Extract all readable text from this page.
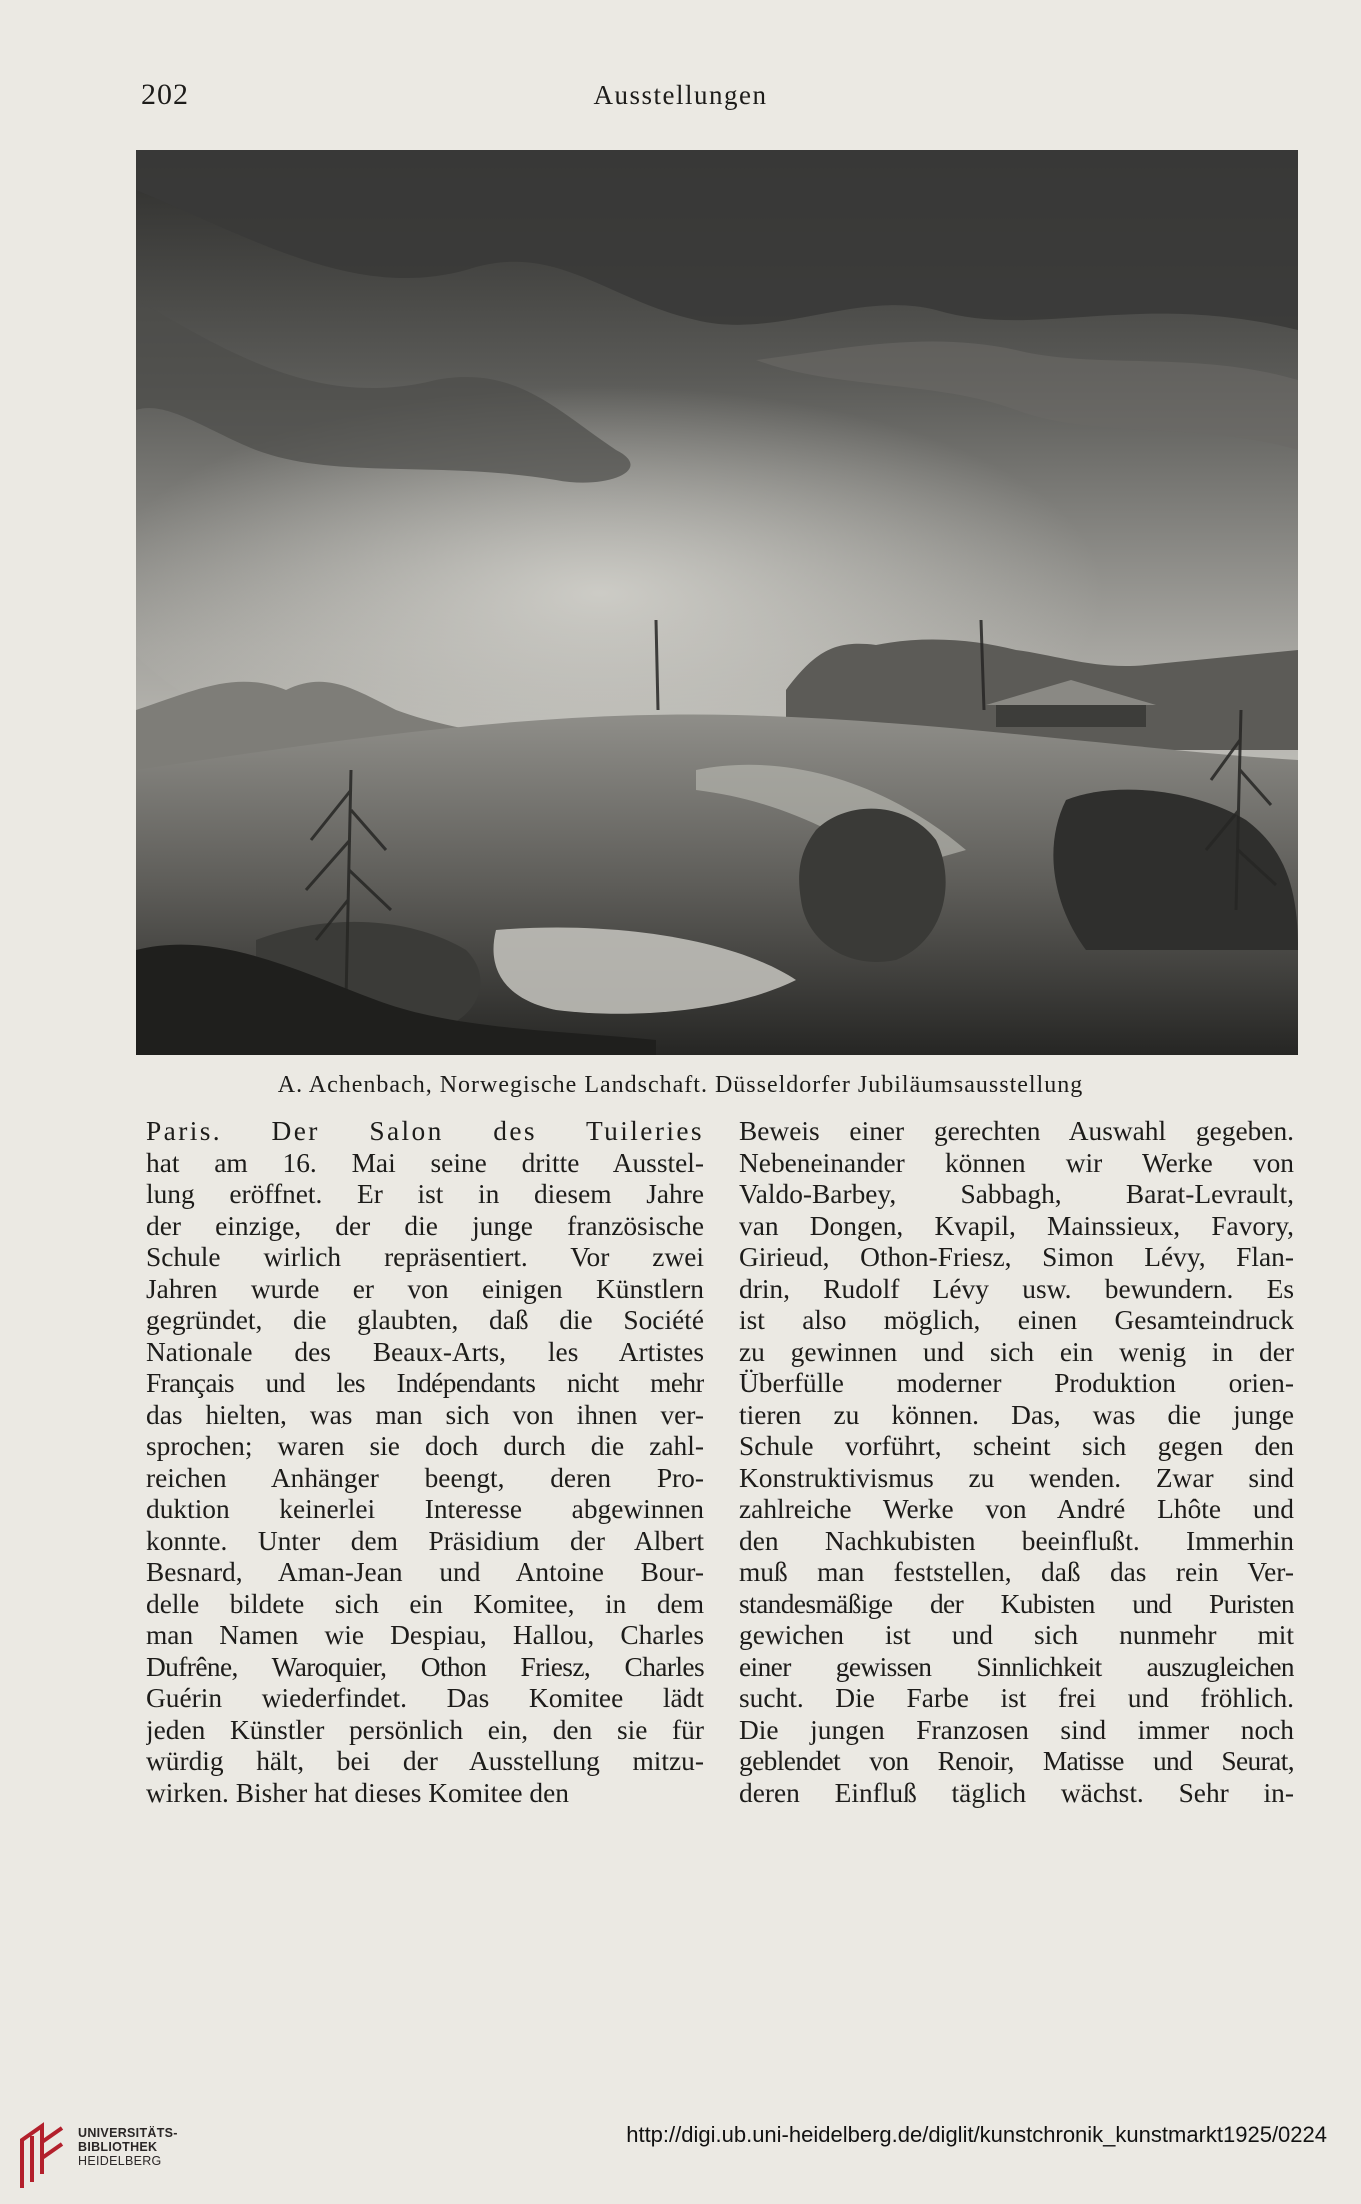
202	Ausstellungen
A. Achenbach, Norwegische Landschaft. Düsseldorfer Jubiläumsausstellung
Paris. Der Salon des Tuileries
hat am 16. Mai seine dritte Ausstel-
lung eröffnet. Er ist in diesem Jahre
der einzige, der die junge französische
Schule wirlich repräsentiert. Vor zwei
Jahren wurde er von einigen Künstlern
gegründet, die glaubten, daß die Société
Nationale des Beaux-Arts, les Artistes
Français und les Indépendants nicht mehr
das hielten, was man sich von ihnen ver-
sprochen; waren sie doch durch die zahl-
reichen Anhänger beengt, deren Pro-
duktion keinerlei Interesse abgewinnen
konnte. Unter dem Präsidium der Albert
Besnard, Aman-Jean und Antoine Bour-
delle bildete sich ein Komitee, in dem
man Namen wie Despiau, Hallou, Charles
Dufrêne, Waroquier, Othon Friesz, Charles
Guérin wiederfindet. Das Komitee lädt
jeden Künstler persönlich ein, den sie für
würdig hält, bei der Ausstellung mitzu-
wirken. Bisher hat dieses Komitee den
Beweis einer gerechten Auswahl gegeben.
Nebeneinander können wir Werke von
Valdo-Barbey, Sabbagh, Barat-Levrault,
van Dongen, Kvapil, Mainssieux, Favory,
Girieud, Othon-Friesz, Simon Lévy, Flan-
drin, Rudolf Lévy usw. bewundern. Es
ist also möglich, einen Gesamteindruck
zu gewinnen und sich ein wenig in der
Überfülle moderner Produktion orien-
tieren zu können. Das, was die junge
Schule vorführt, scheint sich gegen den
Konstruktivismus zu wenden. Zwar sind
zahlreiche Werke von André Lhôte und
den Nachkubisten beeinflußt. Immerhin
muß man feststellen, daß das rein Ver-
standesmäßige der Kubisten und Puristen
gewichen ist und sich nunmehr mit
einer gewissen Sinnlichkeit auszugleichen
sucht. Die Farbe ist frei und fröhlich.
Die jungen Franzosen sind immer noch
geblendet von Renoir, Matisse und Seurat,
deren Einfluß täglich wächst. Sehr in-
UNIVERSITÄTS-
BIBLIOTHEK
HEIDELBERG
http://digi.ub.uni-heidelberg.de/diglit/kunstchronik_kunstmarkt1925/0224
